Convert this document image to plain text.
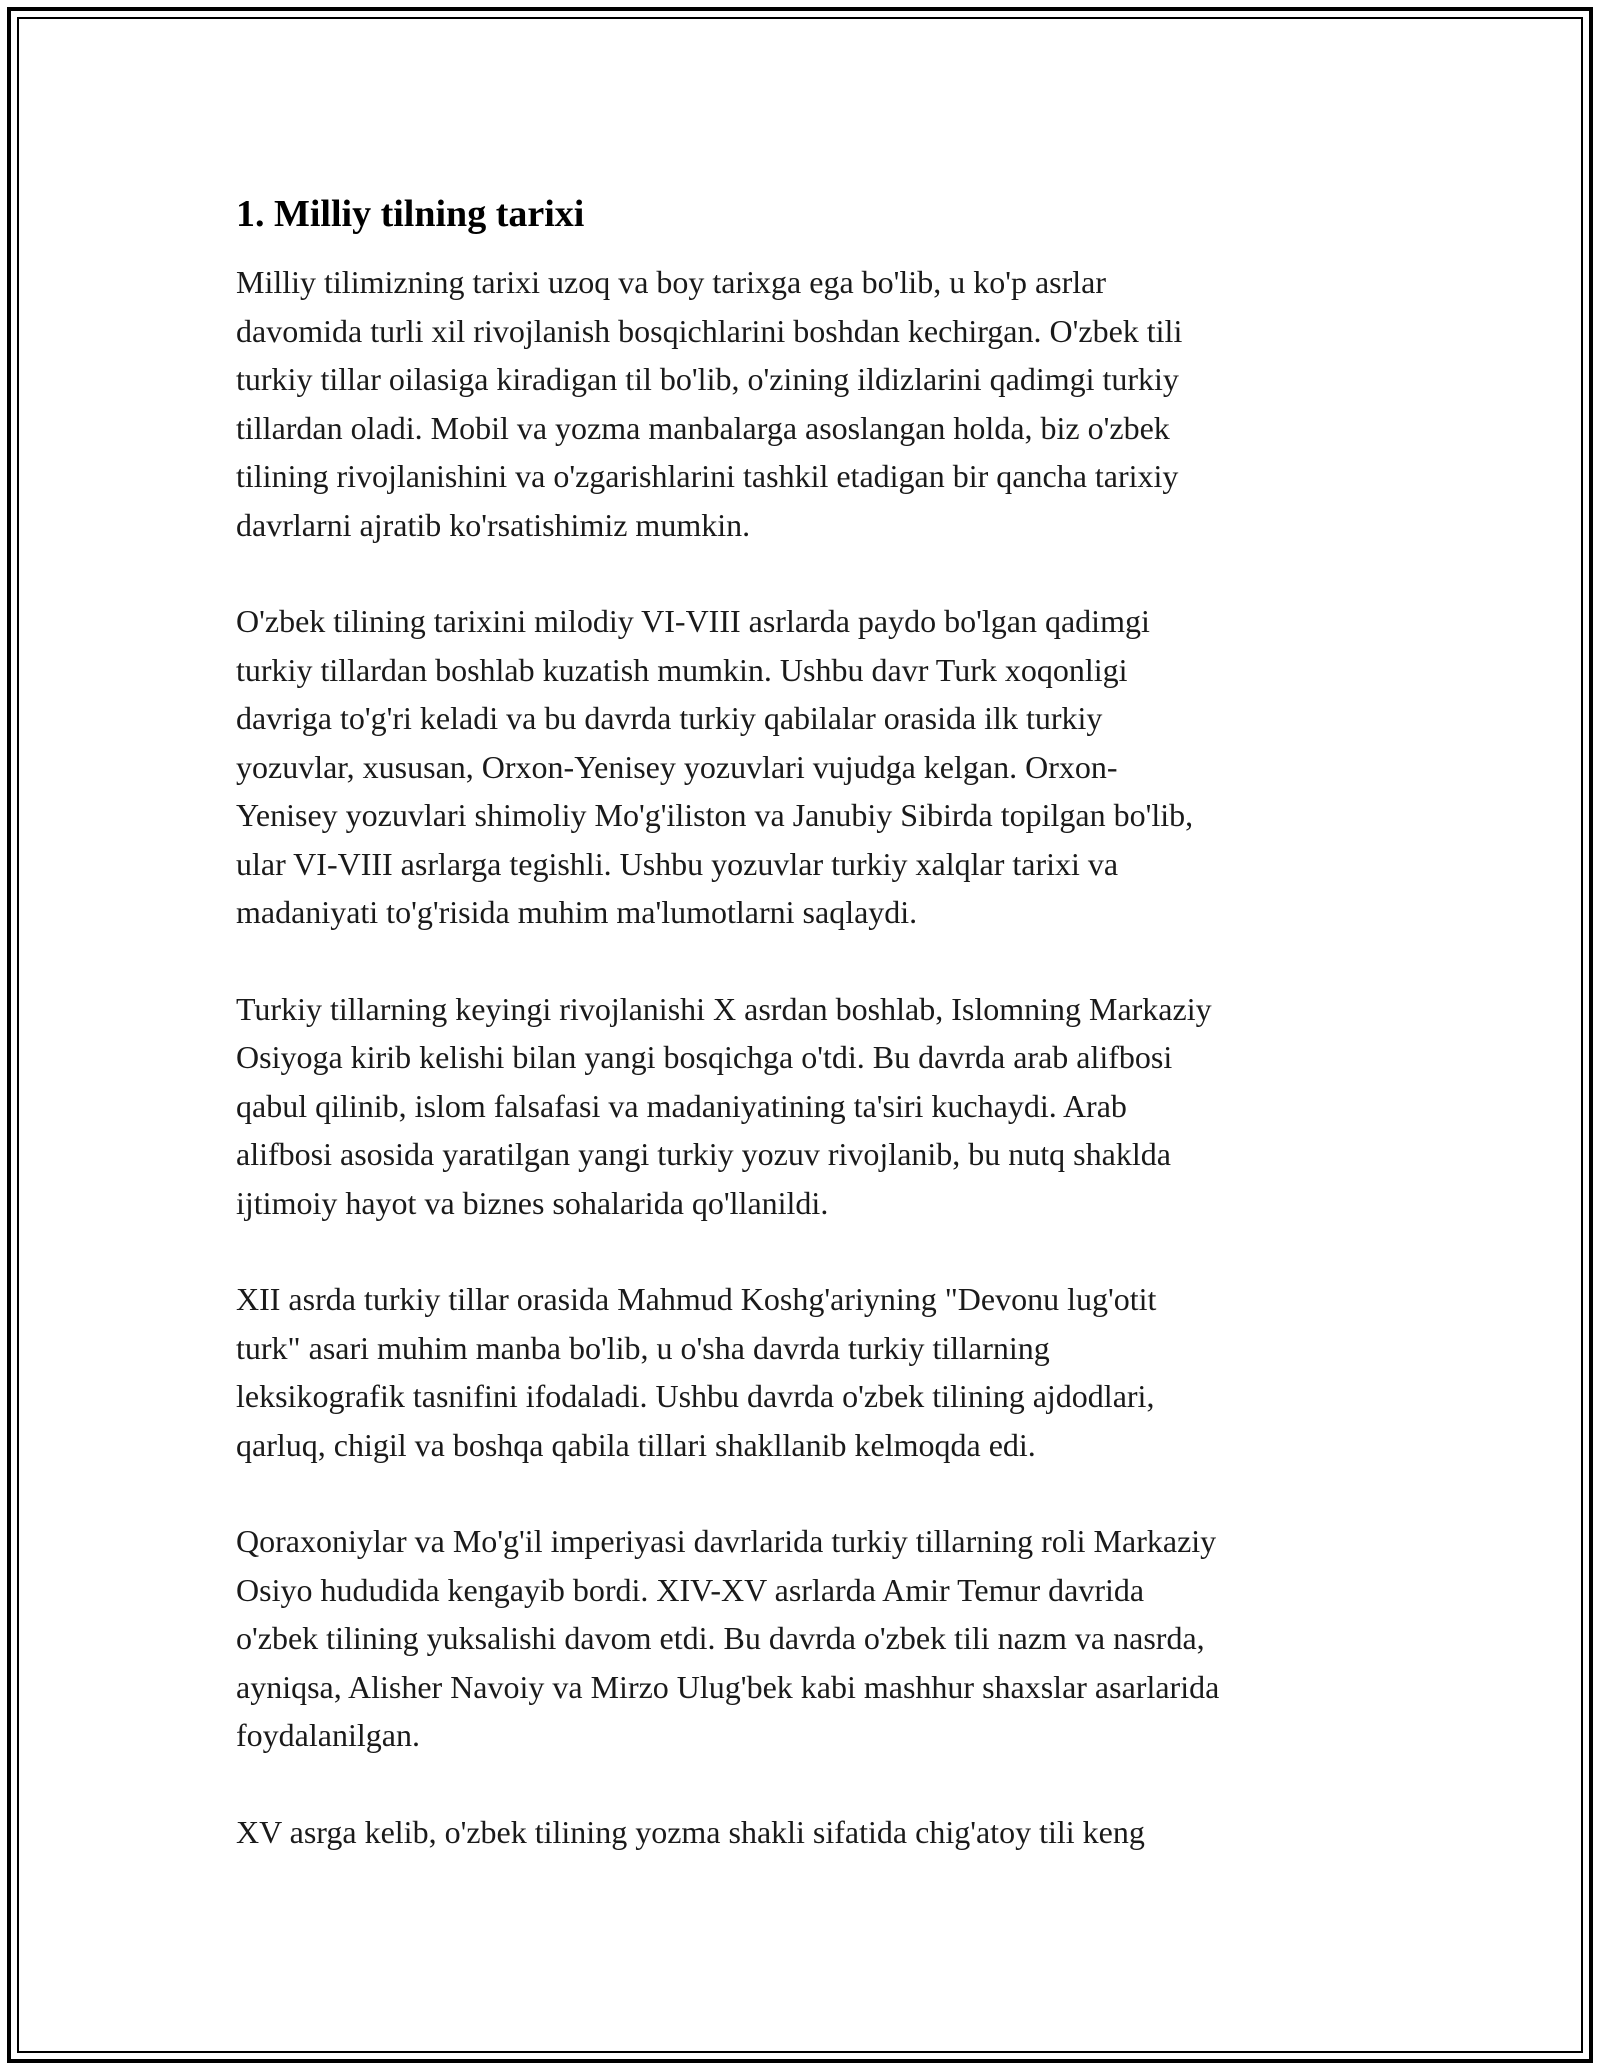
1. Milliy tilning tarixi

Milliy tilimizning tarixi uzoq va boy tarixga ega bo'lib, u ko'p asrlar
davomida turli xil rivojlanish bosqichlarini boshdan kechirgan. O'zbek tili
turkiy tillar oilasiga kiradigan til bo'lib, o'zining ildizlarini qadimgi turkiy
tillardan oladi. Mobil va yozma manbalarga asoslangan holda, biz o'zbek
tilining rivojlanishini va o'zgarishlarini tashkil etadigan bir qancha tarixiy
davrlarni ajratib ko'rsatishimiz mumkin.

O'zbek tilining tarixini milodiy VI-VIII asrlarda paydo bo'lgan qadimgi
turkiy tillardan boshlab kuzatish mumkin. Ushbu davr Turk xoqonligi
davriga to'g'ri keladi va bu davrda turkiy qabilalar orasida ilk turkiy
yozuvlar, xususan, Orxon-Yenisey yozuvlari vujudga kelgan. Orxon-
Yenisey yozuvlari shimoliy Mo'g'iliston va Janubiy Sibirda topilgan bo'lib,
ular VI-VIII asrlarga tegishli. Ushbu yozuvlar turkiy xalqlar tarixi va
madaniyati to'g'risida muhim ma'lumotlarni saqlaydi.

Turkiy tillarning keyingi rivojlanishi X asrdan boshlab, Islomning Markaziy
Osiyoga kirib kelishi bilan yangi bosqichga o'tdi. Bu davrda arab alifbosi
qabul qilinib, islom falsafasi va madaniyatining ta'siri kuchaydi. Arab
alifbosi asosida yaratilgan yangi turkiy yozuv rivojlanib, bu nutq shaklda
ijtimoiy hayot va biznes sohalarida qo'llanildi.

XII asrda turkiy tillar orasida Mahmud Koshg'ariyning "Devonu lug'otit
turk" asari muhim manba bo'lib, u o'sha davrda turkiy tillarning
leksikografik tasnifini ifodaladi. Ushbu davrda o'zbek tilining ajdodlari,
qarluq, chigil va boshqa qabila tillari shakllanib kelmoqda edi.

Qoraxoniylar va Mo'g'il imperiyasi davrlarida turkiy tillarning roli Markaziy
Osiyo hududida kengayib bordi. XIV-XV asrlarda Amir Temur davrida
o'zbek tilining yuksalishi davom etdi. Bu davrda o'zbek tili nazm va nasrda,
ayniqsa, Alisher Navoiy va Mirzo Ulug'bek kabi mashhur shaxslar asarlarida
foydalanilgan.

XV asrga kelib, o'zbek tilining yozma shakli sifatida chig'atoy tili keng
